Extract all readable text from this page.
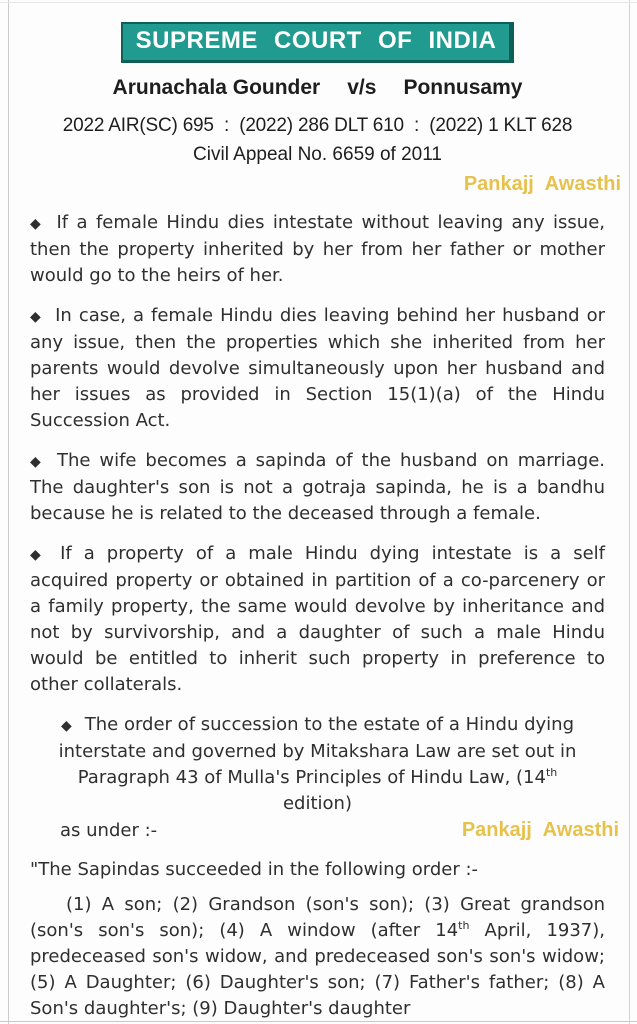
SUPREME COURT OF INDIA
Arunachala Gounder v/s Ponnusamy
2022 AIR(SC) 695  :  (2022) 286 DLT 610  :  (2022) 1 KLT 628
Civil Appeal No. 6659 of 2011
Pankajj Awasthi

◆ If a female Hindu dies intestate without leaving any issue, then the property inherited by her from her father or mother would go to the heirs of her.

◆ In case, a female Hindu dies leaving behind her husband or any issue, then the properties which she inherited from her parents would devolve simultaneously upon her husband and her issues as provided in Section 15(1)(a) of the Hindu Succession Act.

◆ The wife becomes a sapinda of the husband on marriage. The daughter's son is not a gotraja sapinda, he is a bandhu because he is related to the deceased through a female.

◆ If a property of a male Hindu dying intestate is a self acquired property or obtained in partition of a co-parcenery or a family property, the same would devolve by inheritance and not by survivorship, and a daughter of such a male Hindu would be entitled to inherit such property in preference to other collaterals.

◆ The order of succession to the estate of a Hindu dying interstate and governed by Mitakshara Law are set out in Paragraph 43 of Mulla's Principles of Hindu Law, (14th edition)
as under :-	Pankajj Awasthi

"The Sapindas succeeded in the following order :-

(1) A son; (2) Grandson (son's son); (3) Great grandson (son's son's son); (4) A window (after 14th April, 1937), predeceased son's widow, and predeceased son's son's widow; (5) A Daughter; (6) Daughter's son; (7) Father's father; (8) A Son's daughter's; (9) Daughter's daughter
